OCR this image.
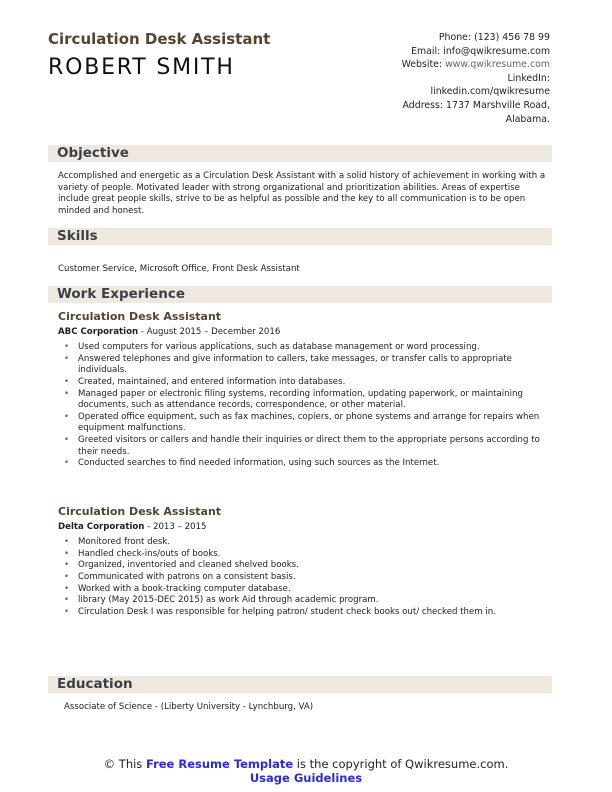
Circulation Desk Assistant
ROBERT SMITH
Phone: (123) 456 78 99
Email: info@qwikresume.com
Website: www.qwikresume.com
LinkedIn:
linkedin.com/qwikresume
Address: 1737 Marshville Road, Alabama.
Objective
Accomplished and energetic as a Circulation Desk Assistant with a solid history of achievement in working with a variety of people. Motivated leader with strong organizational and prioritization abilities. Areas of expertise include great people skills, strive to be as helpful as possible and the key to all communication is to be open minded and honest.
Skills
Customer Service, Microsoft Office, Front Desk Assistant
Work Experience
Circulation Desk Assistant
ABC Corporation - August 2015 – December 2016
• Used computers for various applications, such as database management or word processing.
• Answered telephones and give information to callers, take messages, or transfer calls to appropriate individuals.
• Created, maintained, and entered information into databases.
• Managed paper or electronic filing systems, recording information, updating paperwork, or maintaining documents, such as attendance records, correspondence, or other material.
• Operated office equipment, such as fax machines, copiers, or phone systems and arrange for repairs when equipment malfunctions.
• Greeted visitors or callers and handle their inquiries or direct them to the appropriate persons according to their needs.
• Conducted searches to find needed information, using such sources as the Internet.
Circulation Desk Assistant
Delta Corporation - 2013 – 2015
• Monitored front desk.
• Handled check-ins/outs of books.
• Organized, inventoried and cleaned shelved books.
• Communicated with patrons on a consistent basis.
• Worked with a book-tracking computer database.
• library (May 2015-DEC 2015) as work Aid through academic program.
• Circulation Desk I was responsible for helping patron/ student check books out/ checked them in.
Education
Associate of Science - (Liberty University - Lynchburg, VA)
© This Free Resume Template is the copyright of Qwikresume.com.
Usage Guidelines
